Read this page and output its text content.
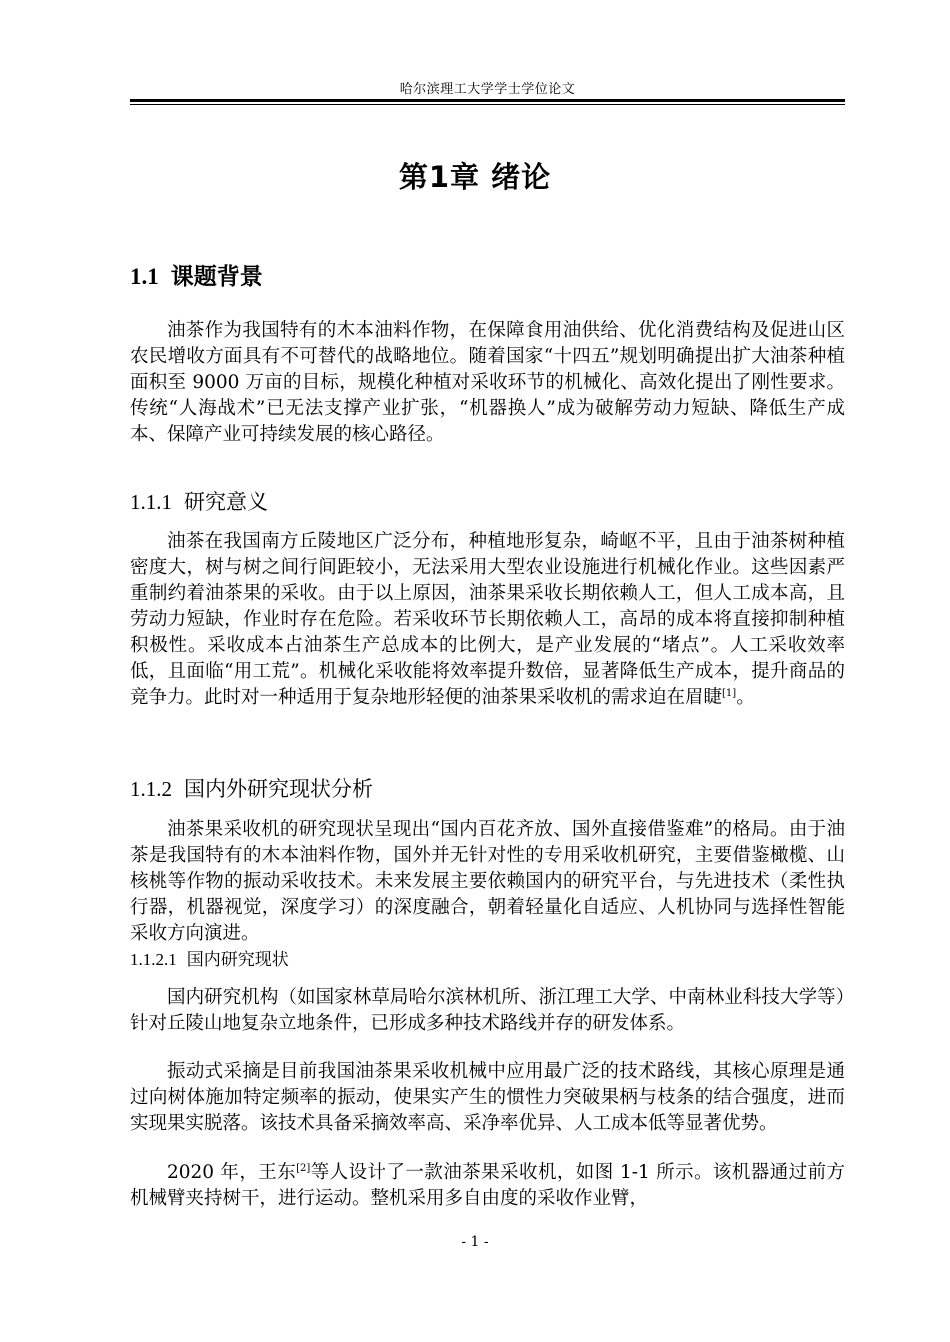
哈尔滨理工大学学士学位论文
第1章 绪论
1.1 课题背景

油茶作为我国特有的木本油料作物，在保障食用油供给、优化消费结构及促进山区农民增收方面具有不可替代的战略地位。随着国家“十四五”规划明确提出扩大油茶种植面积至 9000 万亩的目标，规模化种植对采收环节的机械化、高效化提出了刚性要求。传统“人海战术”已无法支撑产业扩张，“机器换人”成为破解劳动力短缺、降低生产成本、保障产业可持续发展的核心路径。

1.1.1 研究意义

油茶在我国南方丘陵地区广泛分布，种植地形复杂，崎岖不平，且由于油茶树种植密度大，树与树之间行间距较小，无法采用大型农业设施进行机械化作业。这些因素严重制约着油茶果的采收。由于以上原因，油茶果采收长期依赖人工，但人工成本高，且劳动力短缺，作业时存在危险。若采收环节长期依赖人工，高昂的成本将直接抑制种植积极性。采收成本占油茶生产总成本的比例大，是产业发展的“堵点”。人工采收效率低，且面临“用工荒”。机械化采收能将效率提升数倍，显著降低生产成本，提升商品的竞争力。此时对一种适用于复杂地形轻便的油茶果采收机的需求迫在眉睫[1]。

1.1.2 国内外研究现状分析

油茶果采收机的研究现状呈现出“国内百花齐放、国外直接借鉴难”的格局。由于油茶是我国特有的木本油料作物，国外并无针对性的专用采收机研究，主要借鉴橄榄、山核桃等作物的振动采收技术。未来发展主要依赖国内的研究平台，与先进技术（柔性执行器，机器视觉，深度学习）的深度融合，朝着轻量化自适应、人机协同与选择性智能采收方向演进。

1.1.2.1 国内研究现状

国内研究机构（如国家林草局哈尔滨林机所、浙江理工大学、中南林业科技大学等）针对丘陵山地复杂立地条件，已形成多种技术路线并存的研发体系。

振动式采摘是目前我国油茶果采收机械中应用最广泛的技术路线，其核心原理是通过向树体施加特定频率的振动，使果实产生的惯性力突破果柄与枝条的结合强度，进而实现果实脱落。该技术具备采摘效率高、采净率优异、人工成本低等显著优势。

2020 年，王东[2]等人设计了一款油茶果采收机，如图 1-1 所示。该机器通过前方机械臂夹持树干，进行运动。整机采用多自由度的采收作业臂，

- 1 -
